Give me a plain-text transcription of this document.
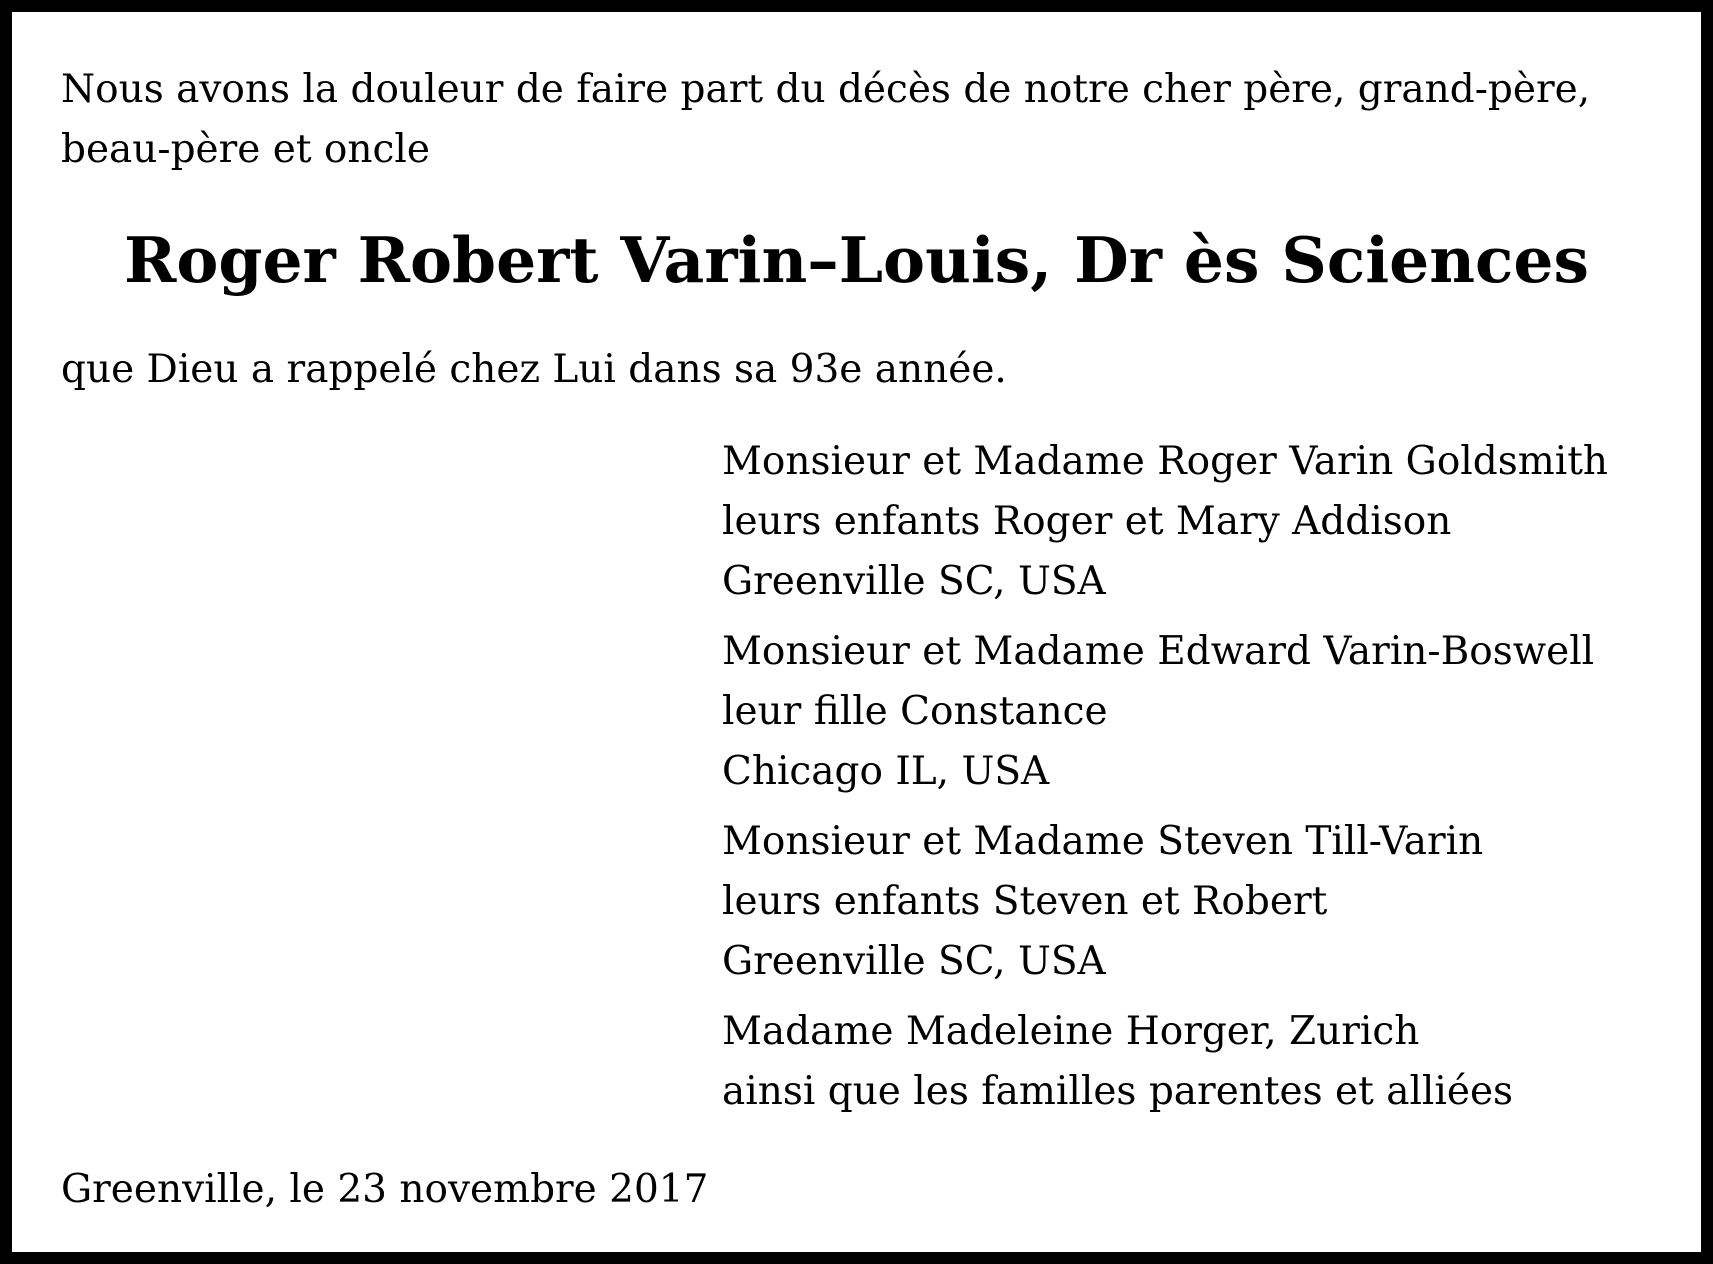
Nous avons la douleur de faire part du décès de notre cher père, grand-père,
beau-père et oncle
Roger Robert Varin–Louis, Dr ès Sciences
que Dieu a rappelé chez Lui dans sa 93e année.
Monsieur et Madame Roger Varin Goldsmith
leurs enfants Roger et Mary Addison
Greenville SC, USA
Monsieur et Madame Edward Varin-Boswell
leur fille Constance
Chicago IL, USA
Monsieur et Madame Steven Till-Varin
leurs enfants Steven et Robert
Greenville SC, USA
Madame Madeleine Horger, Zurich
ainsi que les familles parentes et alliées
Greenville, le 23 novembre 2017
